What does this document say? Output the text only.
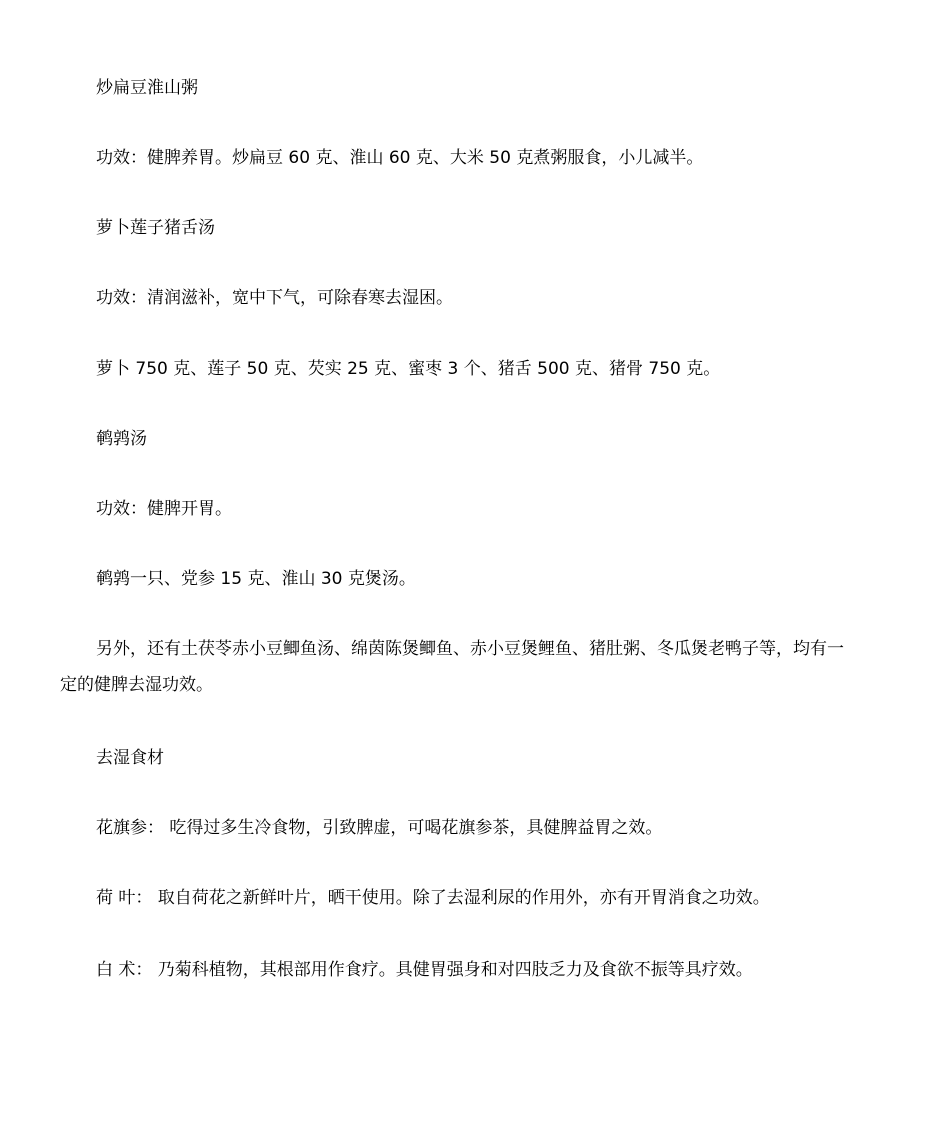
炒扁豆淮山粥
功效：健脾养胃。炒扁豆 60 克、淮山 60 克、大米 50 克煮粥服食，小儿减半。
萝卜莲子猪舌汤
功效：清润滋补，宽中下气，可除春寒去湿困。
萝卜 750 克、莲子 50 克、芡实 25 克、蜜枣 3 个、猪舌 500 克、猪骨 750 克。
鹌鹑汤
功效：健脾开胃。
鹌鹑一只、党参 15 克、淮山 30 克煲汤。
另外，还有土茯苓赤小豆鲫鱼汤、绵茵陈煲鲫鱼、赤小豆煲鲤鱼、猪肚粥、冬瓜煲老鸭子等，均有一定的健脾去湿功效。
去湿食材
花旗参： 吃得过多生冷食物，引致脾虚，可喝花旗参茶，具健脾益胃之效。
荷 叶： 取自荷花之新鲜叶片，晒干使用。除了去湿利尿的作用外，亦有开胃消食之功效。
白 术： 乃菊科植物，其根部用作食疗。具健胃强身和对四肢乏力及食欲不振等具疗效。
